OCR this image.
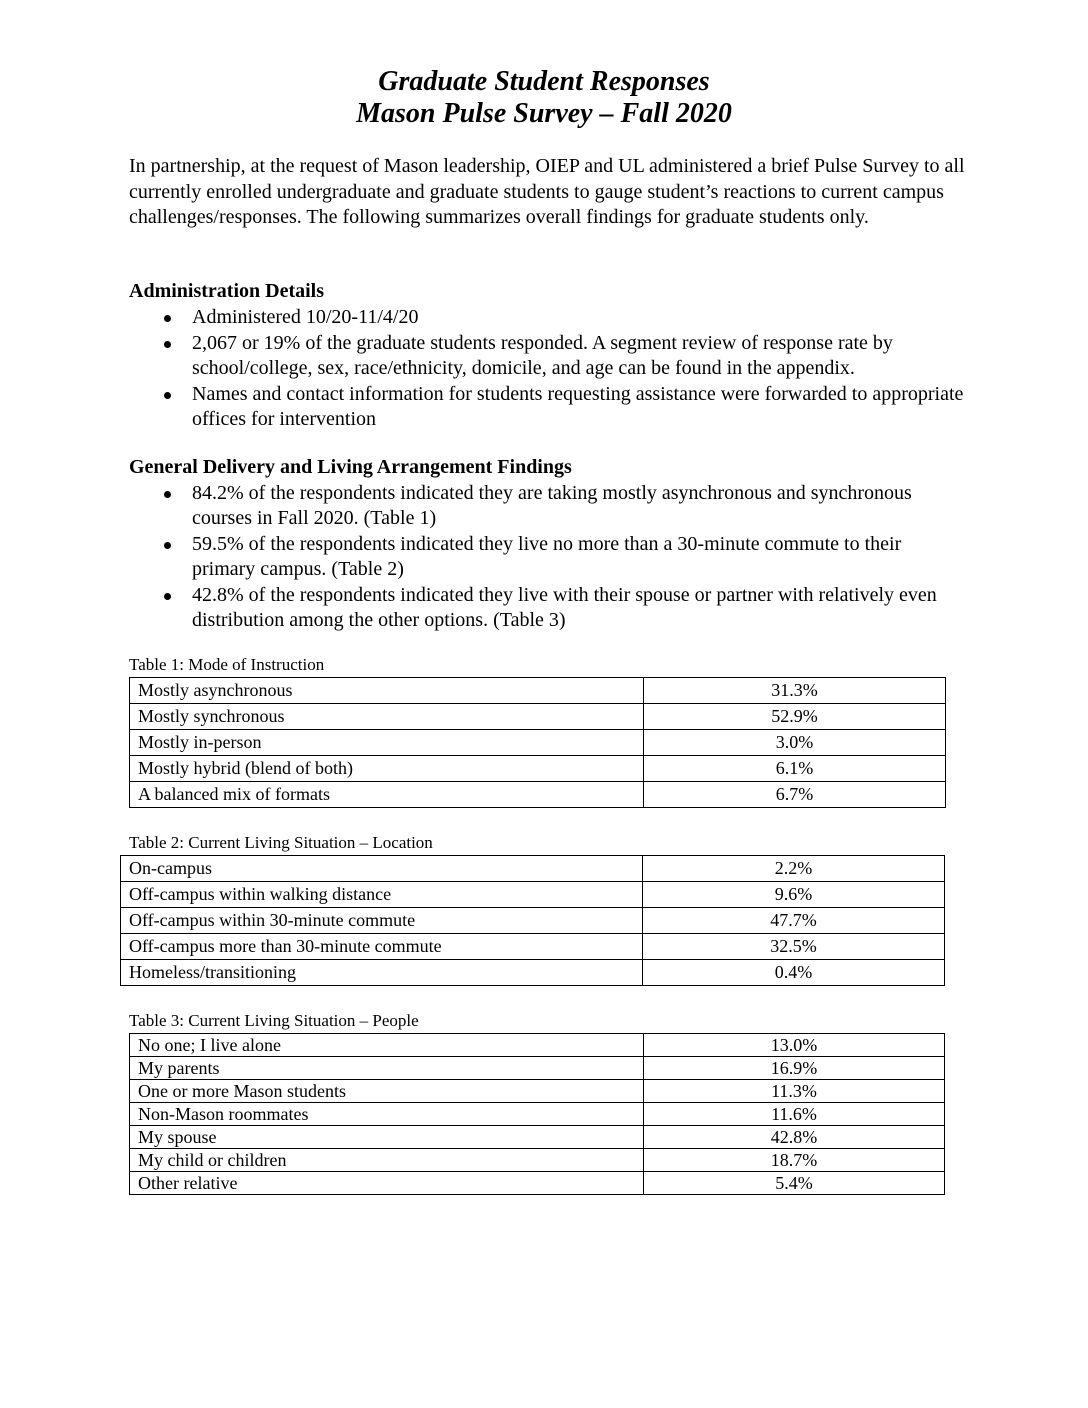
Graduate Student Responses
Mason Pulse Survey – Fall 2020

In partnership, at the request of Mason leadership, OIEP and UL administered a brief Pulse Survey to all currently enrolled undergraduate and graduate students to gauge student’s reactions to current campus challenges/responses. The following summarizes overall findings for graduate students only.

Administration Details
Administered 10/20-11/4/20
2,067 or 19% of the graduate students responded. A segment review of response rate by school/college, sex, race/ethnicity, domicile, and age can be found in the appendix.
Names and contact information for students requesting assistance were forwarded to appropriate offices for intervention
General Delivery and Living Arrangement Findings
84.2% of the respondents indicated they are taking mostly asynchronous and synchronous courses in Fall 2020. (Table 1)
59.5% of the respondents indicated they live no more than a 30-minute commute to their primary campus. (Table 2)
42.8% of the respondents indicated they live with their spouse or partner with relatively even distribution among the other options. (Table 3)
Table 1: Mode of Instruction
Mostly asynchronous	31.3%
Mostly synchronous	52.9%
Mostly in-person	3.0%
Mostly hybrid (blend of both)	6.1%
A balanced mix of formats	6.7%
Table 2: Current Living Situation – Location
On-campus	2.2%
Off-campus within walking distance	9.6%
Off-campus within 30-minute commute	47.7%
Off-campus more than 30-minute commute	32.5%
Homeless/transitioning	0.4%
Table 3: Current Living Situation – People
No one; I live alone	13.0%
My parents	16.9%
One or more Mason students	11.3%
Non-Mason roommates	11.6%
My spouse	42.8%
My child or children	18.7%
Other relative	5.4%
